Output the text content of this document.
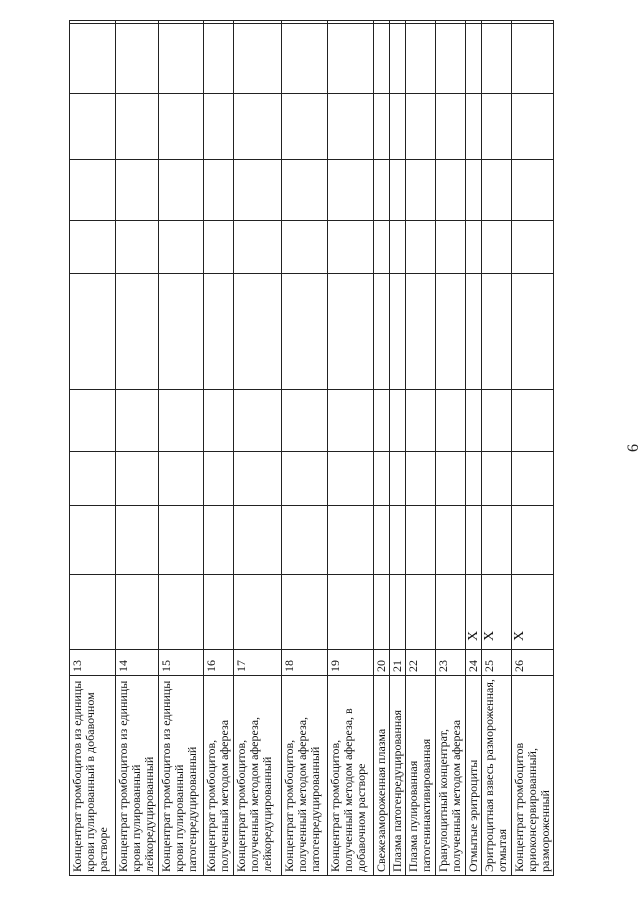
6
Концентрат тромбоцитов из единицы крови пулированный в добавочном растворе	13										
Концентрат тромбоцитов из единицы крови пулированный лейкоредуцированный	14										
Концентрат тромбоцитов из единицы крови пулированный патогенредуцированный	15										
Концентрат тромбоцитов, полученный методом афереза	16										
Концентрат тромбоцитов, полученный методом афереза, лейкоредуцированный	17										
Концентрат тромбоцитов, полученный методом афереза, патогенредуцированный	18										
Концентрат тромбоцитов, полученный методом афереза, в добавочном растворе	19										
Свежезамороженная плазма	20										
Плазма патогенредуцированная	21										
Плазма пулированная патогенинактивированная	22										
Гранулоцитный концентрат, полученный методом афереза	23										
Отмытые эритроциты	24	X									
Эритроцитная взвесь размороженная, отмытая	25	X									
Концентрат тромбоцитов криоконсервированный, размороженный	26	X									
